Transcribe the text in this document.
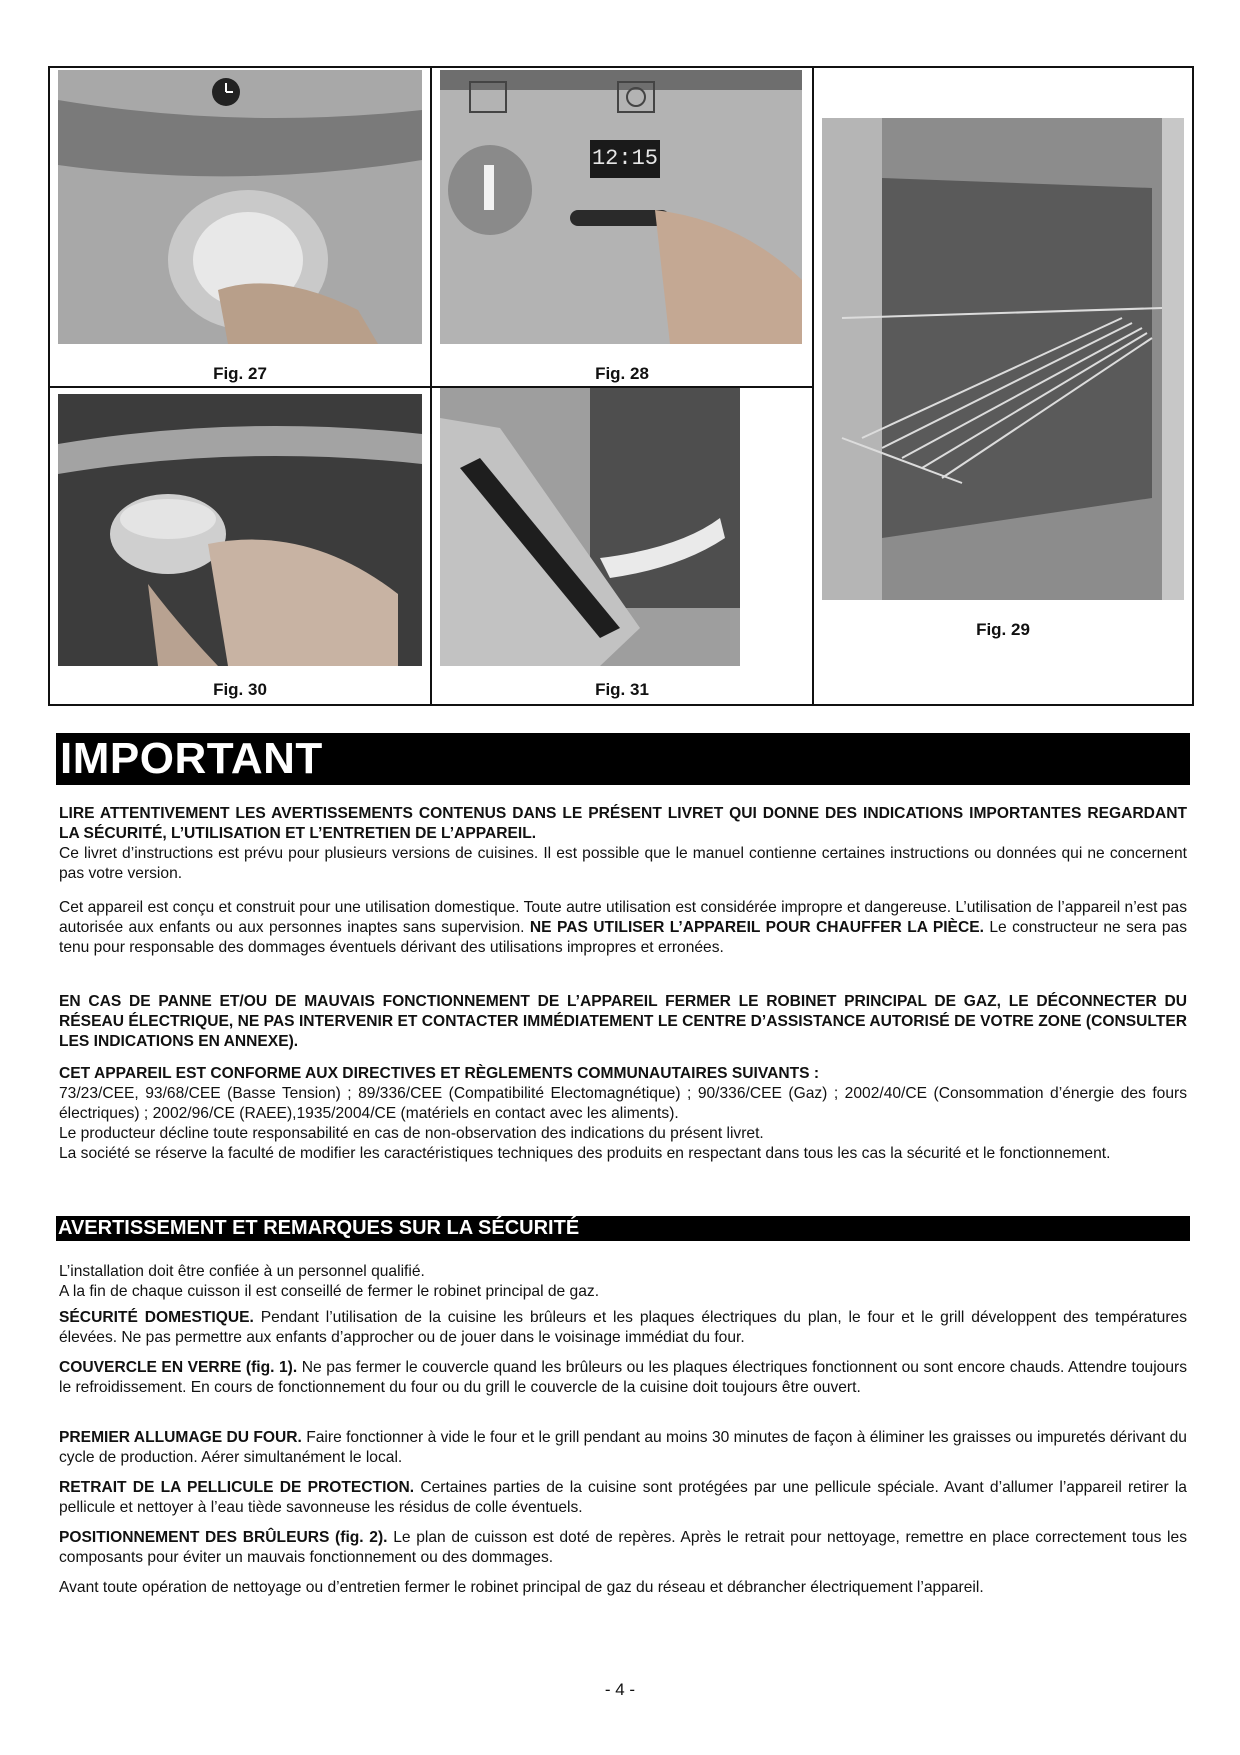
Fig. 27
12:15
Fig. 28
Fig. 29
Fig. 30	Fig. 31
IMPORTANT
LIRE ATTENTIVEMENT LES AVERTISSEMENTS CONTENUS DANS LE PRÉSENT LIVRET QUI DONNE DES INDICATIONS IMPORTANTES REGARDANT LA SÉCURITÉ, L’UTILISATION ET L’ENTRETIEN DE L’APPAREIL.
Ce livret d’instructions est prévu pour plusieurs versions de cuisines. Il est possible que le manuel contienne certaines instructions ou données qui ne concernent pas votre version.
Cet appareil est conçu et construit pour une utilisation domestique. Toute autre utilisation est considérée impropre et dangereuse. L’utilisation de l’appareil n’est pas autorisée aux enfants ou aux personnes inaptes sans supervision. NE PAS UTILISER L’APPAREIL POUR CHAUFFER LA PIÈCE. Le constructeur ne sera pas tenu pour responsable des dommages éventuels dérivant des utilisations impropres et erronées.
EN CAS DE PANNE ET/OU DE MAUVAIS FONCTIONNEMENT DE L’APPAREIL FERMER LE ROBINET PRINCIPAL DE GAZ, LE DÉCONNECTER DU RÉSEAU ÉLECTRIQUE, NE PAS INTERVENIR ET CONTACTER IMMÉDIATEMENT LE CENTRE D’ASSISTANCE AUTORISÉ DE VOTRE ZONE (CONSULTER LES INDICATIONS EN ANNEXE).
CET APPAREIL EST CONFORME AUX DIRECTIVES ET RÈGLEMENTS COMMUNAUTAIRES SUIVANTS :
73/23/CEE, 93/68/CEE (Basse Tension) ; 89/336/CEE (Compatibilité Electomagnétique) ; 90/336/CEE (Gaz) ; 2002/40/CE (Consommation d’énergie des fours électriques) ; 2002/96/CE (RAEE),1935/2004/CE (matériels en contact avec les aliments).
Le producteur décline toute responsabilité en cas de non-observation des indications du présent livret.
La société se réserve la faculté de modifier les caractéristiques techniques des produits en respectant dans tous les cas la sécurité et le fonctionnement.
AVERTISSEMENT ET REMARQUES SUR LA SÉCURITÉ
L’installation doit être confiée à un personnel qualifié.
A la fin de chaque cuisson il est conseillé de fermer le robinet principal de gaz.
SÉCURITÉ DOMESTIQUE. Pendant l’utilisation de la cuisine les brûleurs et les plaques électriques du plan, le four et le grill développent des températures élevées. Ne pas permettre aux enfants d’approcher ou de jouer dans le voisinage immédiat du four.
COUVERCLE EN VERRE (fig. 1). Ne pas fermer le couvercle quand les brûleurs ou les plaques électriques fonctionnent ou sont encore chauds. Attendre toujours le refroidissement. En cours de fonctionnement du four ou du grill le couvercle de la cuisine doit toujours être ouvert.
PREMIER ALLUMAGE DU FOUR. Faire fonctionner à vide le four et le grill pendant au moins 30 minutes de façon à éliminer les graisses ou impuretés dérivant du cycle de production. Aérer simultanément le local.
RETRAIT DE LA PELLICULE DE PROTECTION. Certaines parties de la cuisine sont protégées par une pellicule spéciale. Avant d’allumer l’appareil retirer la pellicule et nettoyer à l’eau tiède savonneuse les résidus de colle éventuels.
POSITIONNEMENT DES BRÛLEURS (fig. 2). Le plan de cuisson est doté de repères. Après le retrait pour nettoyage, remettre en place correctement tous les composants pour éviter un mauvais fonctionnement ou des dommages.
Avant toute opération de nettoyage ou d’entretien fermer le robinet principal de gaz du réseau et débrancher électriquement l’appareil.
- 4 -
